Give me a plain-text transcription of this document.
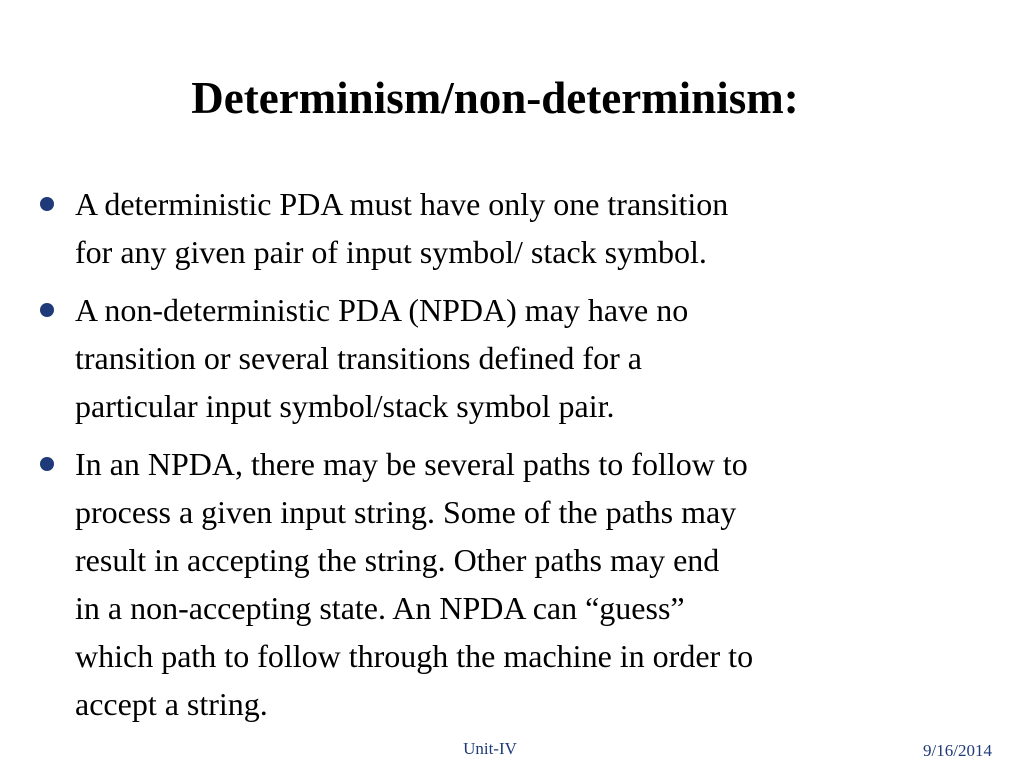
Determinism/non-determinism:
A deterministic PDA must have only one transition
for any given pair of input symbol/ stack symbol.
A non-deterministic PDA (NPDA) may have no
transition or several transitions defined for a
particular input symbol/stack symbol pair.
In an NPDA, there may be several paths to follow to
process a given input string. Some of the paths may
result in accepting the string. Other paths may end
in a non-accepting state. An NPDA can “guess”
which path to follow through the machine in order to
accept a string.
Unit-IV	9/16/2014
